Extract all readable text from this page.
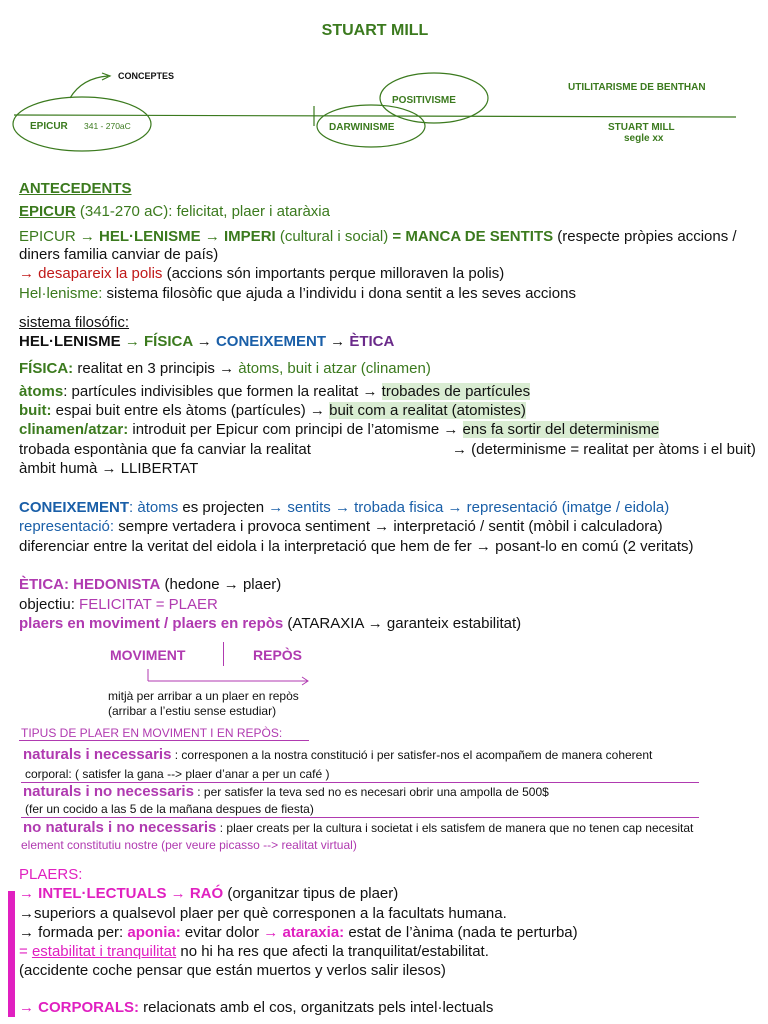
STUART MILL
CONCEPTES
EPICUR 341 - 270aC
POSITIVISME
DARWINISME
UTILITARISME DE BENTHAN
STUART MILL
segle xx
ANTECEDENTS
EPICUR (341-270 aC): felicitat, plaer i ataràxia
EPICUR → HEL·LENISME → IMPERI (cultural i social) = MANCA DE SENTITS (respecte pròpies accions /
diners familia canviar de país)
→ desapareix la polis (accions són importants perque milloraven la polis)
Hel·lenisme: sistema filosòfic que ajuda a l’individu i dona sentit a les seves accions
sistema filosófic:
HEL·LENISME → FÍSICA → CONEIXEMENT → ÈTICA
FÍSICA: realitat en 3 principis → àtoms, buit i atzar (clinamen)
àtoms: partícules indivisibles que formen la realitat → trobades de partícules
buit: espai buit entre els àtoms (partícules) → buit com a realitat (atomistes)
clinamen/atzar: introduit per Epicur com principi de l’atomisme → ens fa sortir del determinisme
trobada espontània que fa canviar la realitat	→ (determinisme = realitat per àtoms i el buit)
àmbit humà → LLIBERTAT
CONEIXEMENT: àtoms es projecten → sentits → trobada fisica → representació (imatge / eidola)
representació: sempre vertadera i provoca sentiment → interpretació / sentit (mòbil i calculadora)
diferenciar entre la veritat del eidola i la interpretació que hem de fer → posant-lo en comú (2 veritats)
ÈTICA: HEDONISTA (hedone → plaer)
objectiu: FELICITAT = PLAER
plaers en moviment / plaers en repòs (ATARAXIA → garanteix estabilitat)
MOVIMENT	REPÒS
mitjà per arribar a un plaer en repòs
(arribar a l’estiu sense estudiar)
TIPUS DE PLAER EN MOVIMENT I EN REPÒS:
naturals i necessaris : corresponen a la nostra constitució i per satisfer-nos el acompañem de manera coherent
corporal: ( satisfer la gana --> plaer d’anar a per un café )
naturals i no necessaris : per satisfer la teva sed no es necesari obrir una ampolla de 500$
(fer un cocido a las 5 de la mañana despues de fiesta)
no naturals i no necessaris : plaer creats per la cultura i societat i els satisfem de manera que no tenen cap necesitat
element constitutiu nostre (per veure picasso --> realitat virtual)
PLAERS:
→ INTEL·LECTUALS → RAÓ (organitzar tipus de plaer)
→superiors a qualsevol plaer per què corresponen a la facultats humana.
→ formada per: aponia: evitar dolor → ataraxia: estat de l’ànima (nada te perturba)
= estabilitat i tranquilitat no hi ha res que afecti la tranquilitat/estabilitat.
(accidente coche pensar que están muertos y verlos salir ilesos)
→ CORPORALS: relacionats amb el cos, organitzats pels intel·lectuals
